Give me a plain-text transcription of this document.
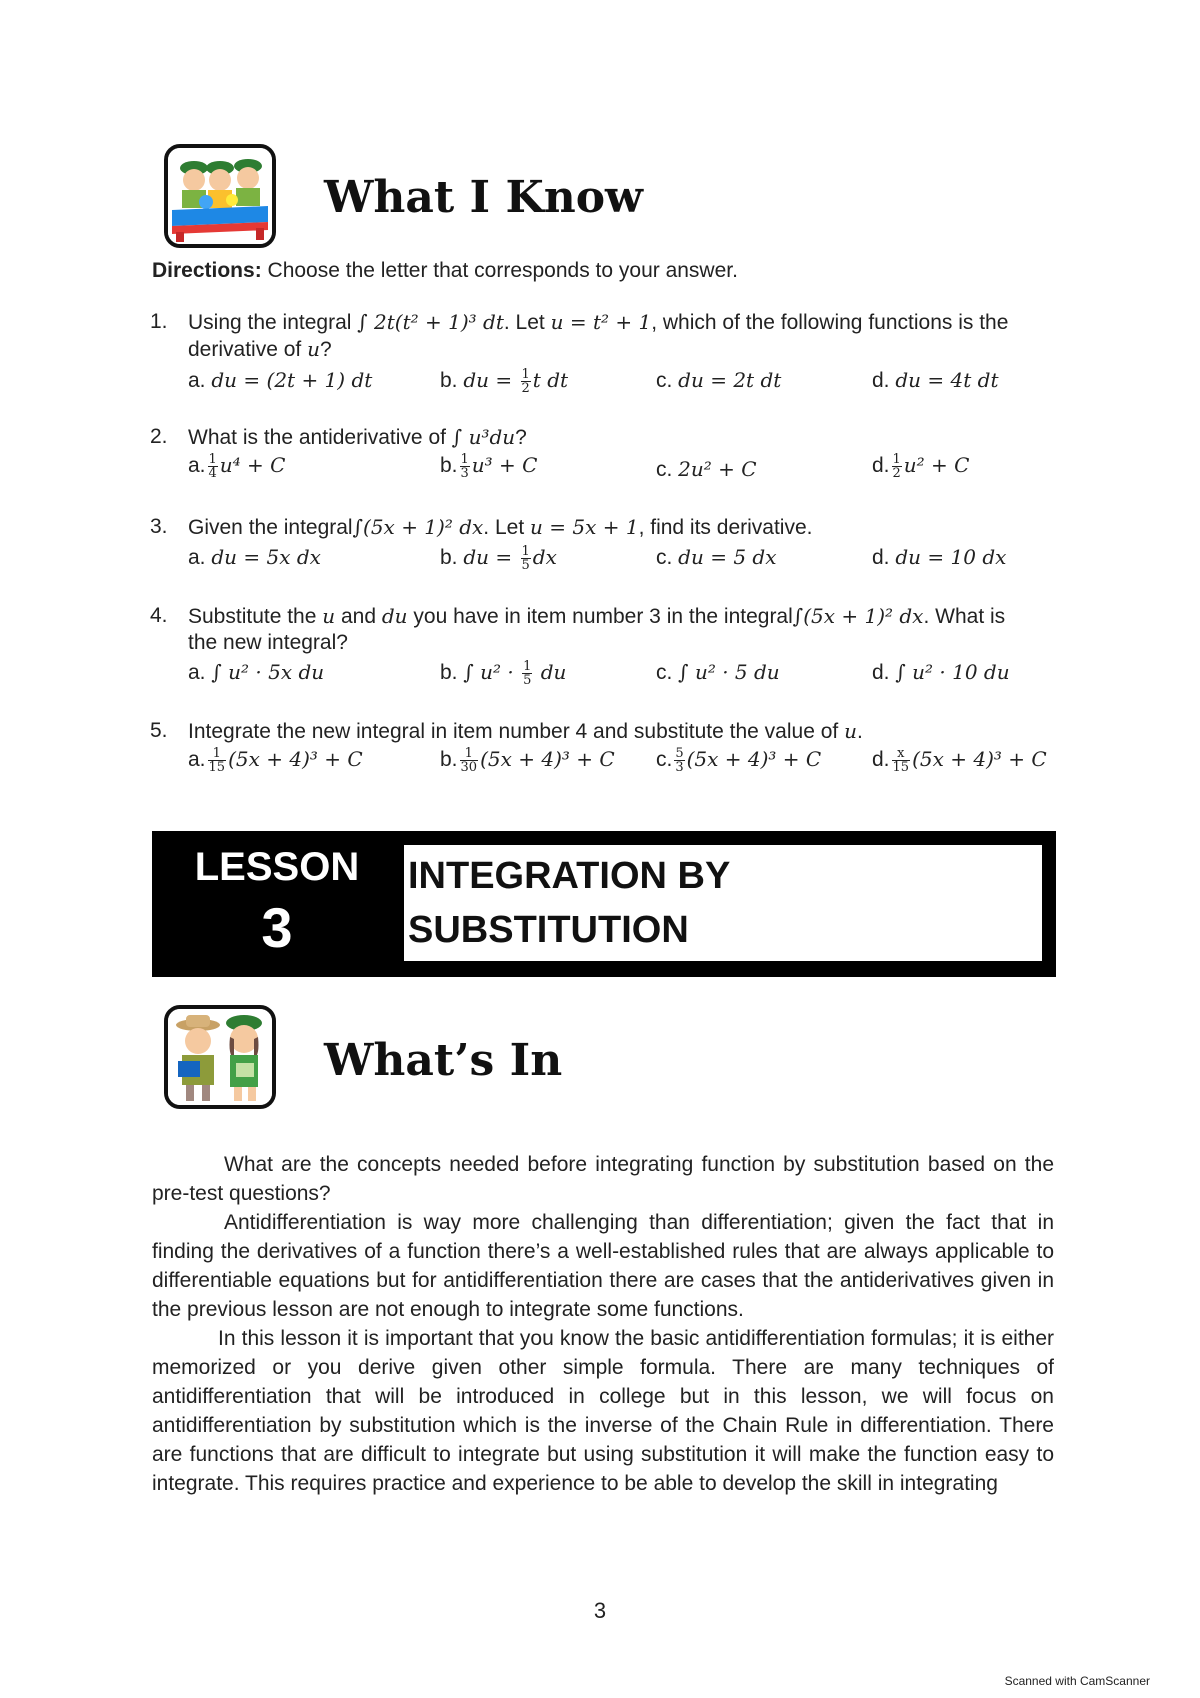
What I Know
Directions: Choose the letter that corresponds to your answer.
1. Using the integral ∫ 2t(t² + 1)³ dt. Let u = t² + 1, which of the following functions is the
derivative of u?
a. du = (2t + 1) dt	b. du = $\frac{1}{2}$ t dt	c. du = 2t dt	d. du = 4t dt
2. What is the antiderivative of ∫ u³du?
a. $\frac{1}{4} u^4 + C$	b. $\frac{1}{3} u^3 + C$	c. 2u² + C	d. $\frac{1}{2} u^2 + C$
3. Given the integral∫(5x + 1)² dx. Let u = 5x + 1, find its derivative.
a. du = 5x dx	b. du = $\frac{1}{5}$ dx	c. du = 5 dx	d. du = 10 dx
4. Substitute the u and du you have in item number 3 in the integral∫(5x + 1)² dx. What is
the new integral?
a. ∫ u² · 5x du	b. ∫ $u^2 \cdot \frac{1}{5}$ du	c. ∫ u² · 5 du	d. ∫ u² · 10 du
5. Integrate the new integral in item number 4 and substitute the value of u.
a. $\frac{1}{15} (5x + 4)^3 + C$	b. $\frac{1}{30} (5x + 4)^3 + C$ c. $\frac{5}{3} (5x + 4)^3 + C$ d. $\frac{x}{15} (5x + 4)^3 + C$
LESSON
3
INTEGRATION BY
SUBSTITUTION
What’s In
What are the concepts needed before integrating function by substitution based on the pre-test questions?
Antidifferentiation is way more challenging than differentiation; given the fact that in finding the derivatives of a function there’s a well-established rules that are always applicable to differentiable equations but for antidifferentiation there are cases that the antiderivatives given in the previous lesson are not enough to integrate some functions.
In this lesson it is important that you know the basic antidifferentiation formulas; it is either memorized or you derive given other simple formula. There are many techniques of antidifferentiation that will be introduced in college but in this lesson, we will focus on antidifferentiation by substitution which is the inverse of the Chain Rule in differentiation. There are functions that are difficult to integrate but using substitution it will make the function easy to integrate. This requires practice and experience to be able to develop the skill in integrating
3
Scanned with CamScanner
